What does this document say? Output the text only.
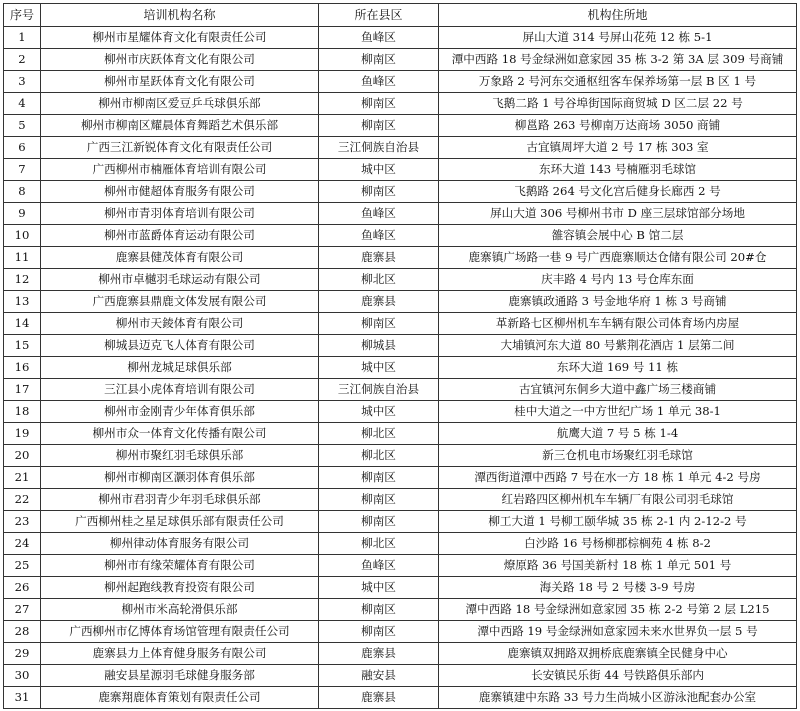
序号	培训机构名称	所在县区	机构住所地
1	柳州市星耀体育文化有限责任公司	鱼峰区	屏山大道 314 号屏山花苑 12 栋 5-1
2	柳州市庆跃体育文化有限公司	柳南区	潭中西路 18 号金绿洲如意家园 35 栋 3-2 第 3A 层 309 号商铺
3	柳州市星跃体育文化有限公司	鱼峰区	万象路 2 号河东交通枢纽客车保养场第一层 B 区 1 号
4	柳州市柳南区爱豆乒乓球俱乐部	柳南区	飞鹅二路 1 号谷埠街国际商贸城 D 区二层 22 号
5	柳州市柳南区耀晨体育舞蹈艺术俱乐部	柳南区	柳邕路 263 号柳南万达商场 3050 商铺
6	广西三江新锐体育文化有限责任公司	三江侗族自治县	古宜镇周坪大道 2 号 17 栋 303 室
7	广西柳州市楠雁体育培训有限公司	城中区	东环大道 143 号楠雁羽毛球馆
8	柳州市健超体育服务有限公司	柳南区	飞鹅路 264 号文化宫后健身长廊西 2 号
9	柳州市青羽体育培训有限公司	鱼峰区	屏山大道 306 号柳州书市 D 座三层球馆部分场地
10	柳州市蓝爵体育运动有限公司	鱼峰区	雒容镇会展中心 B 馆二层
11	鹿寨县健茂体育有限公司	鹿寨县	鹿寨镇广场路一巷 9 号广西鹿寨顺达仓储有限公司 20#仓
12	柳州市卓樾羽毛球运动有限公司	柳北区	庆丰路 4 号内 13 号仓库东面
13	广西鹿寨县鼎鹿文体发展有限公司	鹿寨县	鹿寨镇政通路 3 号金地华府 1 栋 3 号商铺
14	柳州市天錂体育有限公司	柳南区	革新路七区柳州机车车辆有限公司体育场内房屋
15	柳城县迈克飞人体育有限公司	柳城县	大埔镇河东大道 80 号紫荆花酒店 1 层第二间
16	柳州龙城足球俱乐部	城中区	东环大道 169 号 11 栋
17	三江县小虎体育培训有限公司	三江侗族自治县	古宜镇河东侗乡大道中鑫广场三楼商铺
18	柳州市金刚青少年体育俱乐部	城中区	桂中大道之一中方世纪广场 1 单元 38-1
19	柳州市众一体育文化传播有限公司	柳北区	航鹰大道 7 号 5 栋 1-4
20	柳州市聚红羽毛球俱乐部	柳北区	新三仓机电市场聚红羽毛球馆
21	柳州市柳南区灏羽体育俱乐部	柳南区	潭西街道潭中西路 7 号在水一方 18 栋 1 单元 4-2 号房
22	柳州市君羽青少年羽毛球俱乐部	柳南区	红岩路四区柳州机车车辆厂有限公司羽毛球馆
23	广西柳州桂之星足球俱乐部有限责任公司	柳南区	柳工大道 1 号柳工颐华城 35 栋 2-1 内 2-12-2 号
24	柳州律动体育服务有限公司	柳北区	白沙路 16 号杨柳郡棕榈苑 4 栋 8-2
25	柳州市有缘荣耀体育有限公司	鱼峰区	燎原路 36 号国美新村 18 栋 1 单元 501 号
26	柳州起跑线教育投资有限公司	城中区	海关路 18 号 2 号楼 3-9 号房
27	柳州市米高轮滑俱乐部	柳南区	潭中西路 18 号金绿洲如意家园 35 栋 2-2 号第 2 层 L215
28	广西柳州市亿博体育场馆管理有限责任公司	柳南区	潭中西路 19 号金绿洲如意家园未来水世界负一层 5 号
29	鹿寨县力上体育健身服务有限公司	鹿寨县	鹿寨镇双拥路双拥桥底鹿寨镇全民健身中心
30	融安县星源羽毛球健身服务部	融安县	长安镇民乐街 44 号铁路俱乐部内
31	鹿寨翔鹿体育策划有限责任公司	鹿寨县	鹿寨镇建中东路 33 号力生尚城小区游泳池配套办公室
